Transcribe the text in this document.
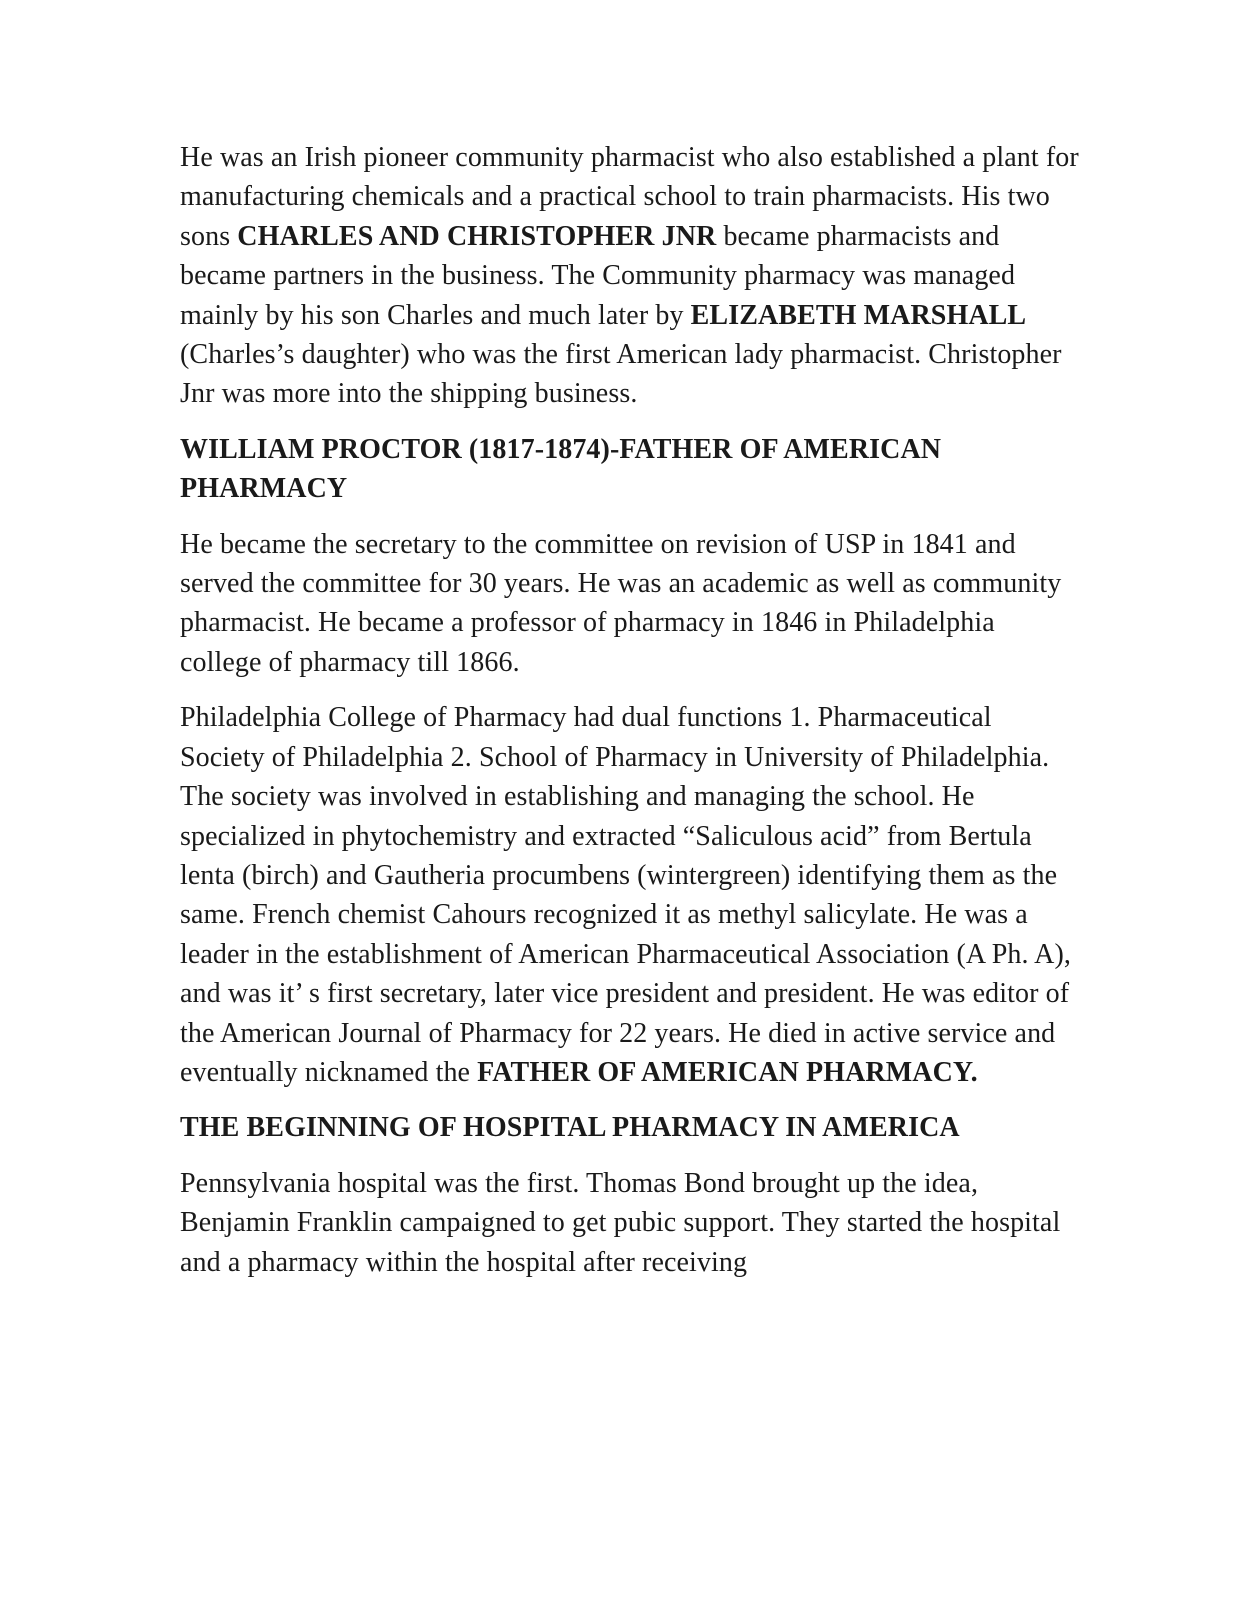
He was an Irish pioneer community pharmacist who also established a plant for manufacturing chemicals and a practical school to train pharmacists. His two sons CHARLES AND CHRISTOPHER JNR became pharmacists and became partners in the business. The Community pharmacy was managed mainly by his son Charles and much later by ELIZABETH MARSHALL (Charles’s daughter) who was the first American lady pharmacist. Christopher Jnr was more into the shipping business.

WILLIAM PROCTOR (1817-1874)-FATHER OF AMERICAN PHARMACY

He became the secretary to the committee on revision of USP in 1841 and served the committee for 30 years. He was an academic as well as community pharmacist. He became a professor of pharmacy in 1846 in Philadelphia college of pharmacy till 1866.

Philadelphia College of Pharmacy had dual functions 1. Pharmaceutical Society of Philadelphia 2. School of Pharmacy in University of Philadelphia. The society was involved in establishing and managing the school. He specialized in phytochemistry and extracted “Saliculous acid” from Bertula lenta (birch) and Gautheria procumbens (wintergreen) identifying them as the same. French chemist Cahours recognized it as methyl salicylate. He was a leader in the establishment of American Pharmaceutical Association (A Ph. A), and was it’ s first secretary, later vice president and president. He was editor of the American Journal of Pharmacy for 22 years. He died in active service and eventually nicknamed the FATHER OF AMERICAN PHARMACY.

THE BEGINNING OF HOSPITAL PHARMACY IN AMERICA

Pennsylvania hospital was the first. Thomas Bond brought up the idea, Benjamin Franklin campaigned to get pubic support. They started the hospital and a pharmacy within the hospital after receiving
